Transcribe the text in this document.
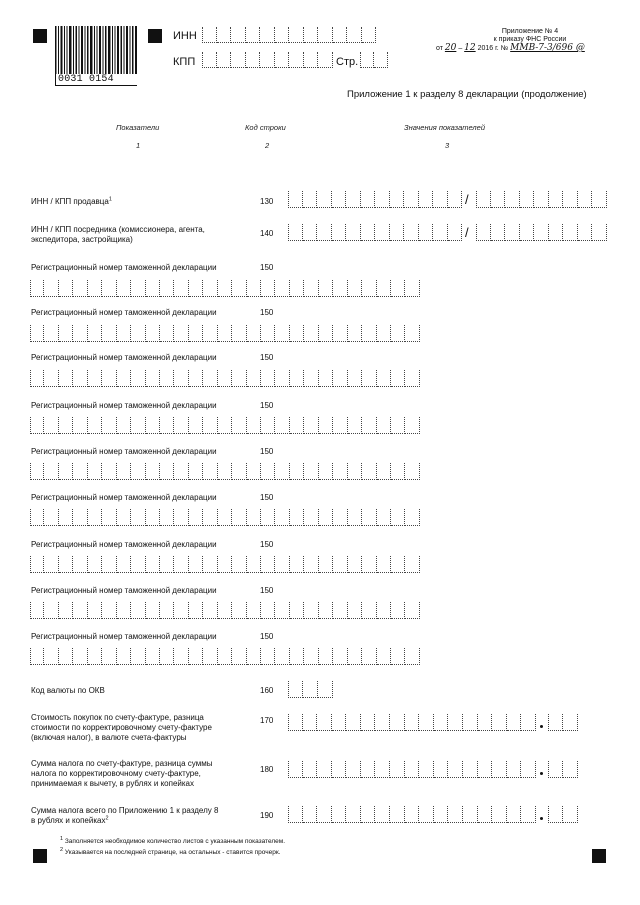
0031 0154
ИНН
КПП	Стр.
Приложение № 4
к приказу ФНС России
от 20 – 12 2016 г. № ММВ-7-3/696 @
Приложение 1 к разделу 8 декларации (продолжение)
Показатели	Код строки	Значения показателей
1	2	3
ИНН / КПП продавца$^1$	130	/
ИНН / КПП посредника (комиссионера, агента,
экспедитора, застройщика)
140	/
Регистрационный номер таможенной декларации	150
Регистрационный номер таможенной декларации	150
Регистрационный номер таможенной декларации	150
Регистрационный номер таможенной декларации	150
Регистрационный номер таможенной декларации	150
Регистрационный номер таможенной декларации	150
Регистрационный номер таможенной декларации	150
Регистрационный номер таможенной декларации	150
Регистрационный номер таможенной декларации	150
Код валюты по ОКВ	160
Стоимость покупок по счету-фактуре, разница
стоимости по корректировочному счету-фактуре
(включая налог), в валюте счета-фактуры
170
Сумма налога по счету-фактуре, разница суммы
налога по корректировочному счету-фактуре,
принимаемая к вычету, в рублях и копейках
180
Сумма налога всего по Приложению 1 к разделу 8
в рублях и копейках$^2$	190
$^1$ Заполняется необходимое количество листов с указанным показателем.
$^2$ Указывается на последней странице, на остальных - ставится прочерк.
